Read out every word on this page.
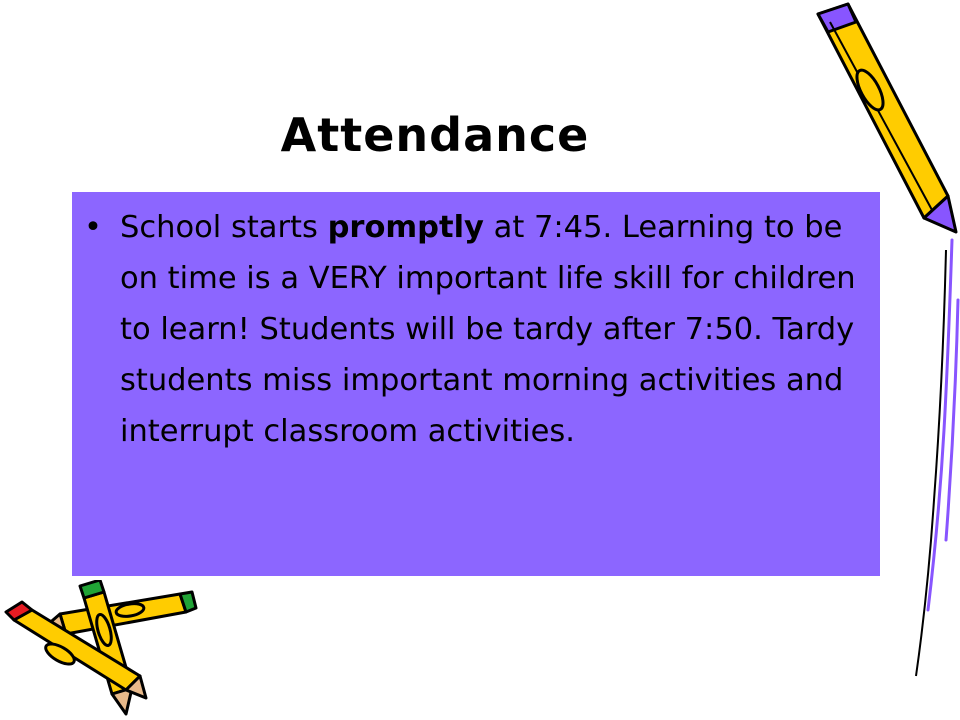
Attendance
• School starts promptly at 7:45. Learning to be on time is a VERY important life skill for children to learn! Students will be tardy after 7:50. Tardy students miss important morning activities and interrupt classroom activities.
